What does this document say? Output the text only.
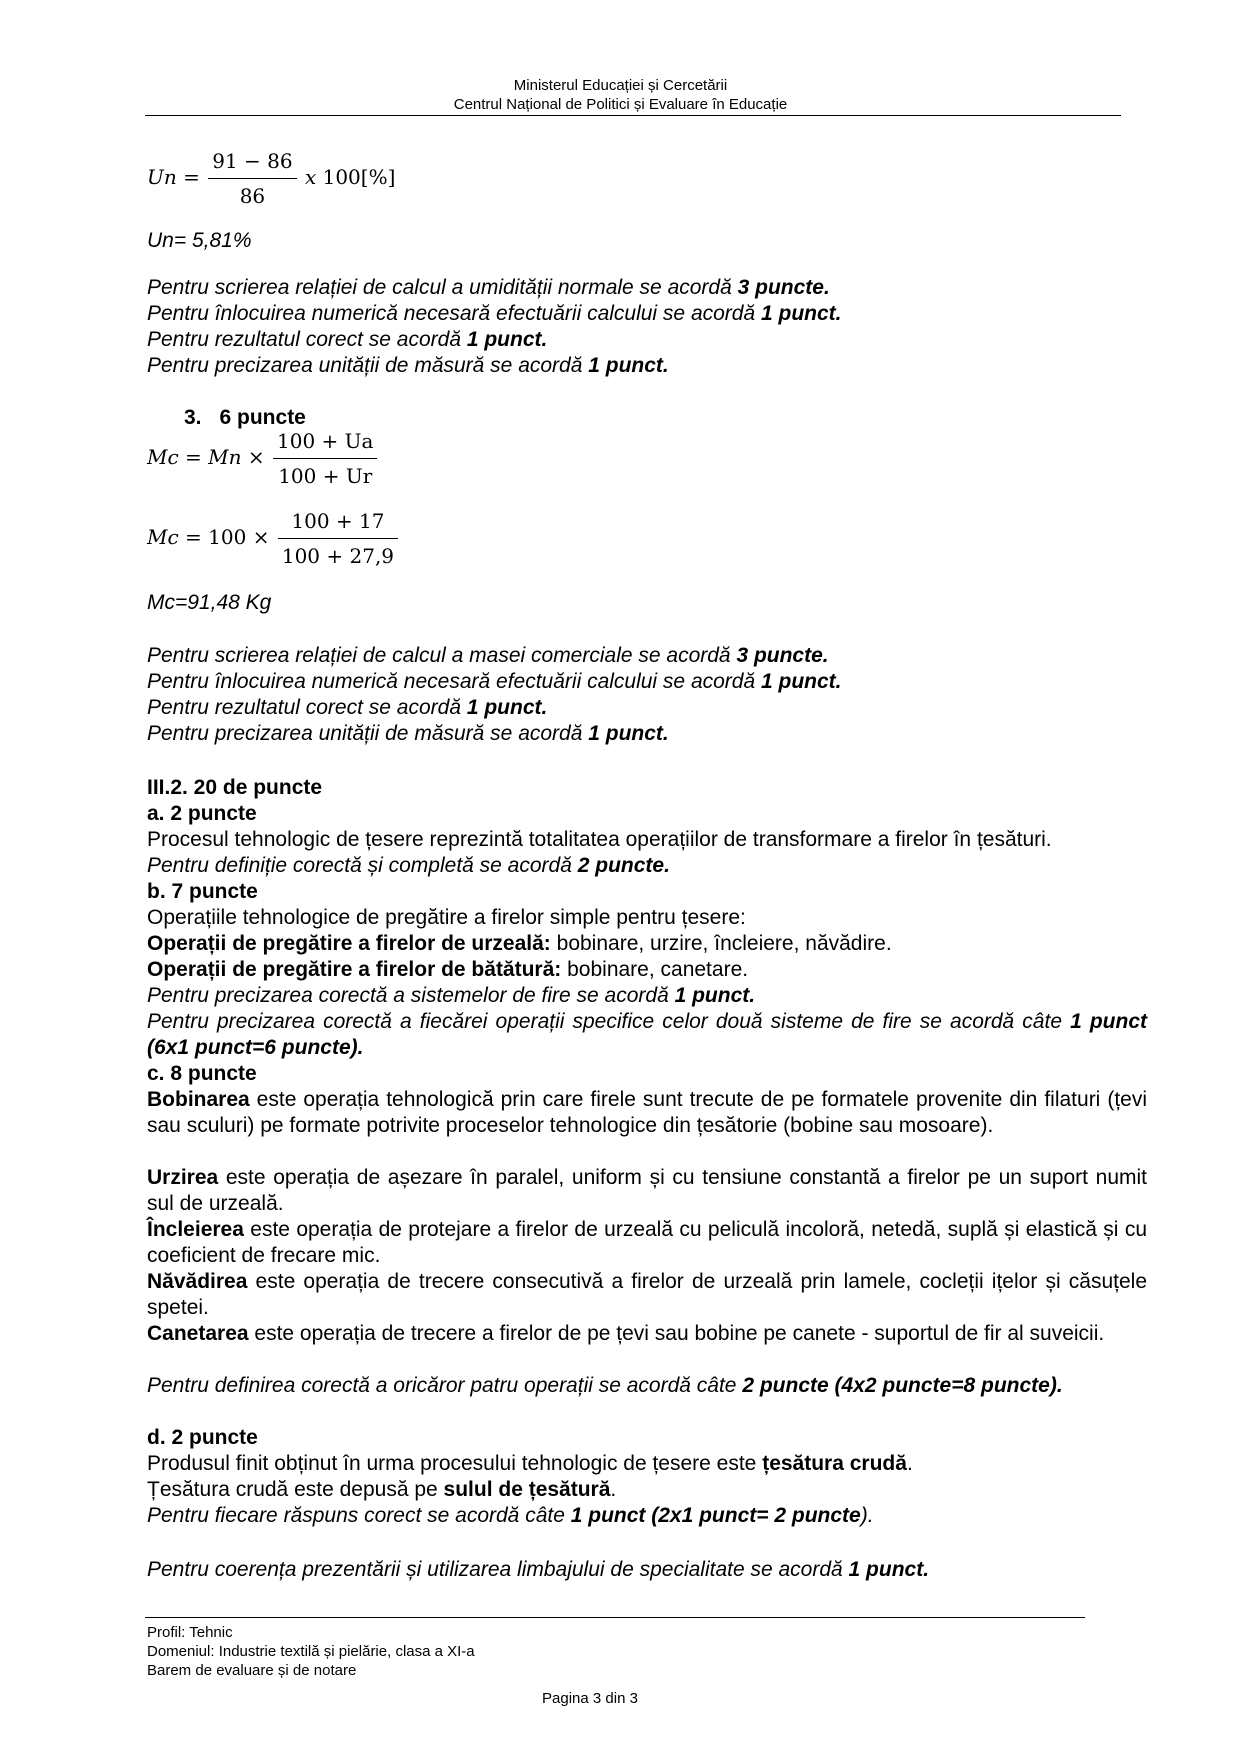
Ministerul Educației și Cercetării
Centrul Național de Politici și Evaluare în Educație
$Un = \frac{91 - 86}{86}$ x 100[%]
Un= 5,81%
Pentru scrierea relației de calcul a umidității normale se acordă 3 puncte.
Pentru înlocuirea numerică necesară efectuării calcului se acordă 1 punct.
Pentru rezultatul corect se acordă 1 punct.
Pentru precizarea unității de măsură se acordă 1 punct.
3. 6 puncte
$Mc = Mn \times \frac{100 + Ua}{100 + Ur}$
$Mc = 100 \times \frac{100 + 17}{100 + 27,9}$
Mc=91,48 Kg
Pentru scrierea relației de calcul a masei comerciale se acordă 3 puncte.
Pentru înlocuirea numerică necesară efectuării calcului se acordă 1 punct.
Pentru rezultatul corect se acordă 1 punct.
Pentru precizarea unității de măsură se acordă 1 punct.
III.2. 20 de puncte
a. 2 puncte
Procesul tehnologic de țesere reprezintă totalitatea operațiilor de transformare a firelor în țesături.
Pentru definiție corectă și completă se acordă 2 puncte.
b. 7 puncte
Operațiile tehnologice de pregătire a firelor simple pentru țesere:
Operații de pregătire a firelor de urzeală: bobinare, urzire, încleiere, năvădire.
Operații de pregătire a firelor de bătătură: bobinare, canetare.
Pentru precizarea corectă a sistemelor de fire se acordă 1 punct.
Pentru precizarea corectă a fiecărei operații specifice celor două sisteme de fire se acordă câte 1 punct (6x1 punct=6 puncte).
c. 8 puncte
Bobinarea este operația tehnologică prin care firele sunt trecute de pe formatele provenite din filaturi (țevi sau sculuri) pe formate potrivite proceselor tehnologice din țesătorie (bobine sau mosoare).
Urzirea este operația de așezare în paralel, uniform și cu tensiune constantă a firelor pe un suport numit sul de urzeală.
Încleierea este operația de protejare a firelor de urzeală cu peliculă incoloră, netedă, suplă și elastică și cu coeficient de frecare mic.
Năvădirea este operația de trecere consecutivă a firelor de urzeală prin lamele, cocleții ițelor și căsuțele spetei.
Canetarea este operația de trecere a firelor de pe țevi sau bobine pe canete - suportul de fir al suveicii.
Pentru definirea corectă a oricăror patru operații se acordă câte 2 puncte (4x2 puncte=8 puncte).
d. 2 puncte
Produsul finit obținut în urma procesului tehnologic de țesere este țesătura crudă.
Țesătura crudă este depusă pe sulul de țesătură.
Pentru fiecare răspuns corect se acordă câte 1 punct (2x1 punct= 2 puncte).
Pentru coerența prezentării și utilizarea limbajului de specialitate se acordă 1 punct.
Profil: Tehnic
Domeniul: Industrie textilă și pielărie, clasa a XI-a
Barem de evaluare și de notare
Pagina 3 din 3
